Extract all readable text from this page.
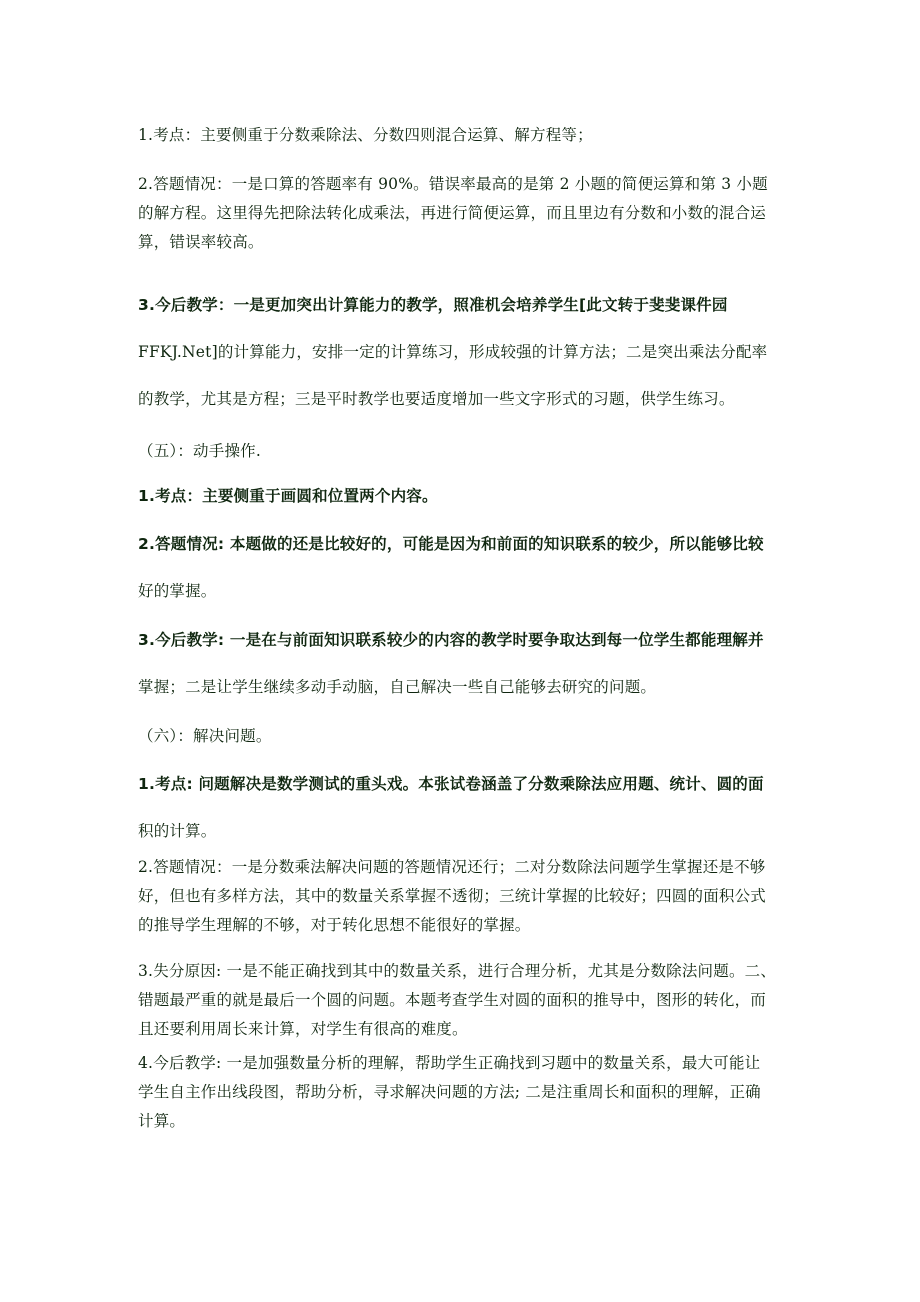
1.考点：主要侧重于分数乘除法、分数四则混合运算、解方程等；
2.答题情况：一是口算的答题率有 90%。错误率最高的是第 2 小题的简便运算和第 3 小题
的解方程。这里得先把除法转化成乘法，再进行简便运算，而且里边有分数和小数的混合运
算，错误率较高。
3.今后教学：一是更加突出计算能力的教学，照准机会培养学生[此文转于斐斐课件园
FFKJ.Net]的计算能力，安排一定的计算练习，形成较强的计算方法；二是突出乘法分配率
的教学，尤其是方程；三是平时教学也要适度增加一些文字形式的习题，供学生练习。
（五）：动手操作.
1.考点：主要侧重于画圆和位置两个内容。
2.答题情况: 本题做的还是比较好的，可能是因为和前面的知识联系的较少，所以能够比较
好的掌握。
3.今后教学: 一是在与前面知识联系较少的内容的教学时要争取达到每一位学生都能理解并
掌握；二是让学生继续多动手动脑，自己解决一些自己能够去研究的问题。
（六）：解决问题。
1.考点: 问题解决是数学测试的重头戏。本张试卷涵盖了分数乘除法应用题、统计、圆的面
积的计算。
2.答题情况：一是分数乘法解决问题的答题情况还行；二对分数除法问题学生掌握还是不够
好，但也有多样方法，其中的数量关系掌握不透彻；三统计掌握的比较好；四圆的面积公式
的推导学生理解的不够，对于转化思想不能很好的掌握。
3.失分原因: 一是不能正确找到其中的数量关系，进行合理分析，尤其是分数除法问题。二、
错题最严重的就是最后一个圆的问题。本题考查学生对圆的面积的推导中，图形的转化，而
且还要利用周长来计算，对学生有很高的难度。
4.今后教学: 一是加强数量分析的理解，帮助学生正确找到习题中的数量关系，最大可能让
学生自主作出线段图，帮助分析，寻求解决问题的方法; 二是注重周长和面积的理解，正确
计算。
